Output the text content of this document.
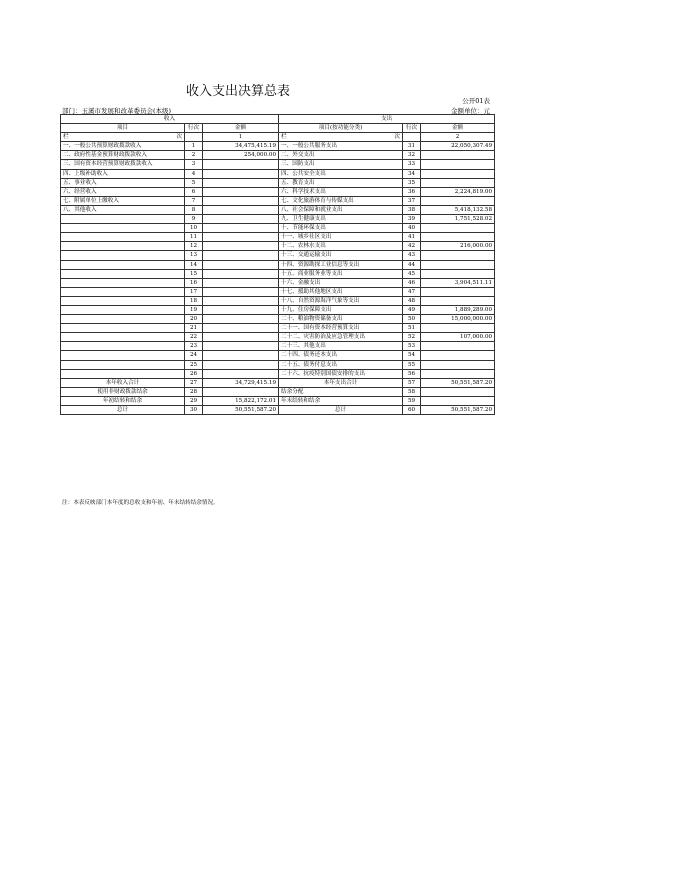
收入支出决算总表
公开01表
部门：玉溪市发展和改革委员会(本级)	金额单位：元
收入			支出		
项目	行次	金额	项目(按功能分类)	行次	金额

栏 次		1	栏 次		2
一、一般公共预算财政拨款收入	1	34,475,415.19	一、一般公共服务支出	31	22,050,307.49
二、政府性基金预算财政拨款收入	2	254,000.00	二、外交支出	32	
三、国有资本经营预算财政拨款收入	3		三、国防支出	33	
四、上级补助收入	4		四、公共安全支出	34	
五、事业收入	5		五、教育支出	35	
六、经营收入	6		六、科学技术支出	36	2,224,819.00
七、附属单位上缴收入	7		七、文化旅游体育与传媒支出	37	
八、其他收入	8		八、社会保障和就业支出	38	5,418,132.58
	9		九、卫生健康支出	39	1,751,528.02
	10		十、节能环保支出	40	
	11		十一、城乡社区支出	41	
	12		十二、农林水支出	42	216,000.00
	13		十三、交通运输支出	43	
	14		十四、资源勘探工业信息等支出	44	
	15		十五、商业服务业等支出	45	
	16		十六、金融支出	46	3,904,511.11
	17		十七、援助其他地区支出	47	
	18		十八、自然资源海洋气象等支出	48	
	19		十九、住房保障支出	49	1,889,289.00
	20		二十、粮油物资储备支出	50	15,000,000.00
	21		二十一、国有资本经营预算支出	51	
	22		二十二、灾害防治及应急管理支出	52	107,000.00
	23		二十三、其他支出	53	
	24		二十四、债务还本支出	54	
	25		二十五、债务付息支出	55	
	26		二十六、抗疫特别国债安排的支出	56	
本年收入合计	27	34,729,415.19	本年支出合计	57	50,551,587.20
使用非财政拨款结余	28		结余分配	58	
年初结转和结余	29	15,822,172.01	年末结转和结余	59	
总计	30	50,551,587.20	总计	60	50,551,587.20
注：本表反映部门本年度的总收支和年初、年末结转结余情况。
